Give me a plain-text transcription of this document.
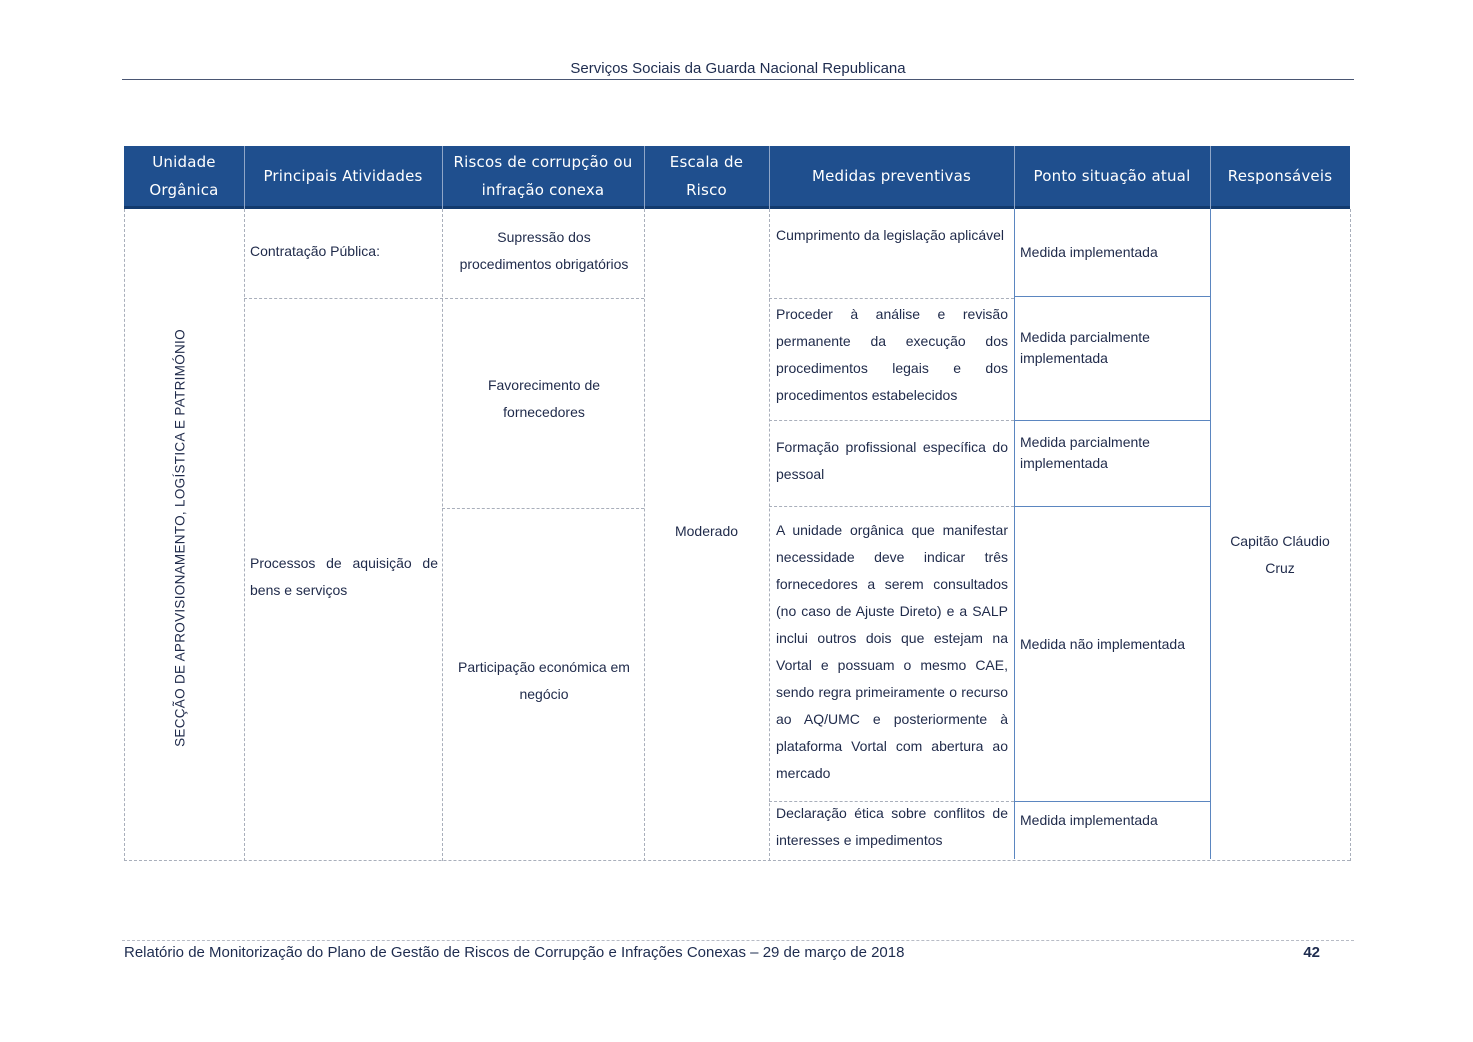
Serviços Sociais da Guarda Nacional Republicana
Unidade
Orgânica
Principais Atividades
Riscos de corrupção ou
infração conexa
Escala de
Risco
Medidas preventivas	Ponto situação atual Responsáveis
SECÇÃO DE APROVISIONAMENTO, LOGÍSTICA E PATRIMÓNIO
Contratação Pública:
Processos de aquisição de bens e serviços
Supressão dos procedimentos obrigatórios
Favorecimento de fornecedores
Participação económica em negócio
Moderado
Cumprimento da legislação aplicável
Proceder à análise e revisão permanente da execução dos procedimentos legais e dos procedimentos estabelecidos
Formação profissional específica do pessoal
A unidade orgânica que manifestar necessidade deve indicar três fornecedores a serem consultados (no caso de Ajuste Direto) e a SALP inclui outros dois que estejam na Vortal e possuam o mesmo CAE, sendo regra primeiramente o recurso ao AQ/UMC e posteriormente à plataforma Vortal com abertura ao mercado
Declaração ética sobre conflitos de interesses e impedimentos
Medida implementada
Medida parcialmente implementada
Medida parcialmente implementada
Medida não implementada
Medida implementada
Capitão Cláudio Cruz
Relatório de Monitorização do Plano de Gestão de Riscos de Corrupção e Infrações Conexas – 29 de março de 2018	42
